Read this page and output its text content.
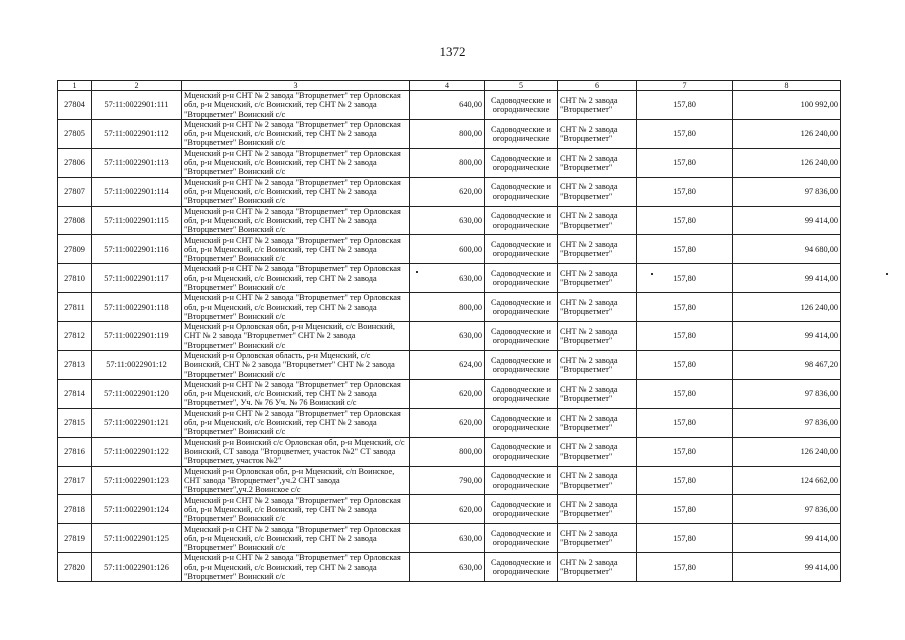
1372
1	2	3	4	5	6	7	8
27804	57:11:0022901:111	Мценский р-н СНТ № 2 завода "Вторцветмет" тер Орловская обл, р-н Мценский, с/с Воинский, тер СНТ № 2 завода "Вторцветмет" Воинский с/с	640,00	Садоводческие и огороднические	СНТ № 2 завода "Вторцветмет"	157,80	100 992,00
27805	57:11:0022901:112	Мценский р-н СНТ № 2 завода "Вторцветмет" тер Орловская обл, р-н Мценский, с/с Воинский, тер СНТ № 2 завода "Вторцветмет" Воинский с/с	800,00	Садоводческие и огороднические	СНТ № 2 завода "Вторцветмет"	157,80	126 240,00
27806	57:11:0022901:113	Мценский р-н СНТ № 2 завода "Вторцветмет" тер Орловская обл, р-н Мценский, с/с Воинский, тер СНТ № 2 завода "Вторцветмет" Воинский с/с	800,00	Садоводческие и огороднические	СНТ № 2 завода "Вторцветмет"	157,80	126 240,00
27807	57:11:0022901:114	Мценский р-н СНТ № 2 завода "Вторцветмет" тер Орловская обл, р-н Мценский, с/с Воинский, тер СНТ № 2 завода "Вторцветмет" Воинский с/с	620,00	Садоводческие и огороднические	СНТ № 2 завода "Вторцветмет"	157,80	97 836,00
27808	57:11:0022901:115	Мценский р-н СНТ № 2 завода "Вторцветмет" тер Орловская обл, р-н Мценский, с/с Воинский, тер СНТ № 2 завода "Вторцветмет" Воинский с/с	630,00	Садоводческие и огороднические	СНТ № 2 завода "Вторцветмет"	157,80	99 414,00
27809	57:11:0022901:116	Мценский р-н СНТ № 2 завода "Вторцветмет" тер Орловская обл, р-н Мценский, с/с Воинский, тер СНТ № 2 завода "Вторцветмет" Воинский с/с	600,00	Садоводческие и огороднические	СНТ № 2 завода "Вторцветмет"	157,80	94 680,00
27810	57:11:0022901:117	Мценский р-н СНТ № 2 завода "Вторцветмет" тер Орловская обл, р-н Мценский, с/с Воинский, тер СНТ № 2 завода "Вторцветмет" Воинский с/с	630,00	Садоводческие и огороднические	СНТ № 2 завода "Вторцветмет"	157,80	99 414,00
27811	57:11:0022901:118	Мценский р-н СНТ № 2 завода "Вторцветмет" тер Орловская обл, р-н Мценский, с/с Воинский, тер СНТ № 2 завода "Вторцветмет" Воинский с/с	800,00	Садоводческие и огороднические	СНТ № 2 завода "Вторцветмет"	157,80	126 240,00
27812	57:11:0022901:119	Мценский р-н Орловская обл, р-н Мценский, с/с Воинский, СНТ № 2 завода "Вторцветмет" СНТ № 2 завода "Вторцветмет" Воинский с/с	630,00	Садоводческие и огороднические	СНТ № 2 завода "Вторцветмет"	157,80	99 414,00
27813	57:11:0022901:12	Мценский р-н Орловская область, р-н Мценский, с/с Воинский, СНТ № 2 завода "Вторцветмет" СНТ № 2 завода "Вторцветмет" Воинский с/с	624,00	Садоводческие и огороднические	СНТ № 2 завода "Вторцветмет"	157,80	98 467,20
27814	57:11:0022901:120	Мценский р-н СНТ № 2 завода "Вторцветмет" тер Орловская обл, р-н Мценский, с/с Воинский, тер СНТ № 2 завода "Вторцветмет", Уч. № 76 Уч. № 76 Воинский с/с	620,00	Садоводческие и огороднические	СНТ № 2 завода "Вторцветмет"	157,80	97 836,00
27815	57:11:0022901:121	Мценский р-н СНТ № 2 завода "Вторцветмет" тер Орловская обл, р-н Мценский, с/с Воинский, тер СНТ № 2 завода "Вторцветмет" Воинский с/с	620,00	Садоводческие и огороднические	СНТ № 2 завода "Вторцветмет"	157,80	97 836,00
27816	57:11:0022901:122	Мценский р-н Воинский с/с Орловская обл, р-н Мценский, с/с Воинский, СТ завода "Вторцветмет, участок №2" СТ завода "Вторцветмет, участок №2"	800,00	Садоводческие и огороднические	СНТ № 2 завода "Вторцветмет"	157,80	126 240,00
27817	57:11:0022901:123	Мценский р-н Орловская обл, р-н Мценский, с/п Воинское, СНТ завода "Вторцветмет",уч.2 СНТ завода "Вторцветмет",уч.2 Воинское с/с	790,00	Садоводческие и огороднические	СНТ № 2 завода "Вторцветмет"	157,80	124 662,00
27818	57:11:0022901:124	Мценский р-н СНТ № 2 завода "Вторцветмет" тер Орловская обл, р-н Мценский, с/с Воинский, тер СНТ № 2 завода "Вторцветмет" Воинский с/с	620,00	Садоводческие и огороднические	СНТ № 2 завода "Вторцветмет"	157,80	97 836,00
27819	57:11:0022901:125	Мценский р-н СНТ № 2 завода "Вторцветмет" тер Орловская обл, р-н Мценский, с/с Воинский, тер СНТ № 2 завода "Вторцветмет" Воинский с/с	630,00	Садоводческие и огороднические	СНТ № 2 завода "Вторцветмет"	157,80	99 414,00
27820	57:11:0022901:126	Мценский р-н СНТ № 2 завода "Вторцветмет" тер Орловская обл, р-н Мценский, с/с Воинский, тер СНТ № 2 завода "Вторцветмет" Воинский с/с	630,00	Садоводческие и огороднические	СНТ № 2 завода "Вторцветмет"	157,80	99 414,00
